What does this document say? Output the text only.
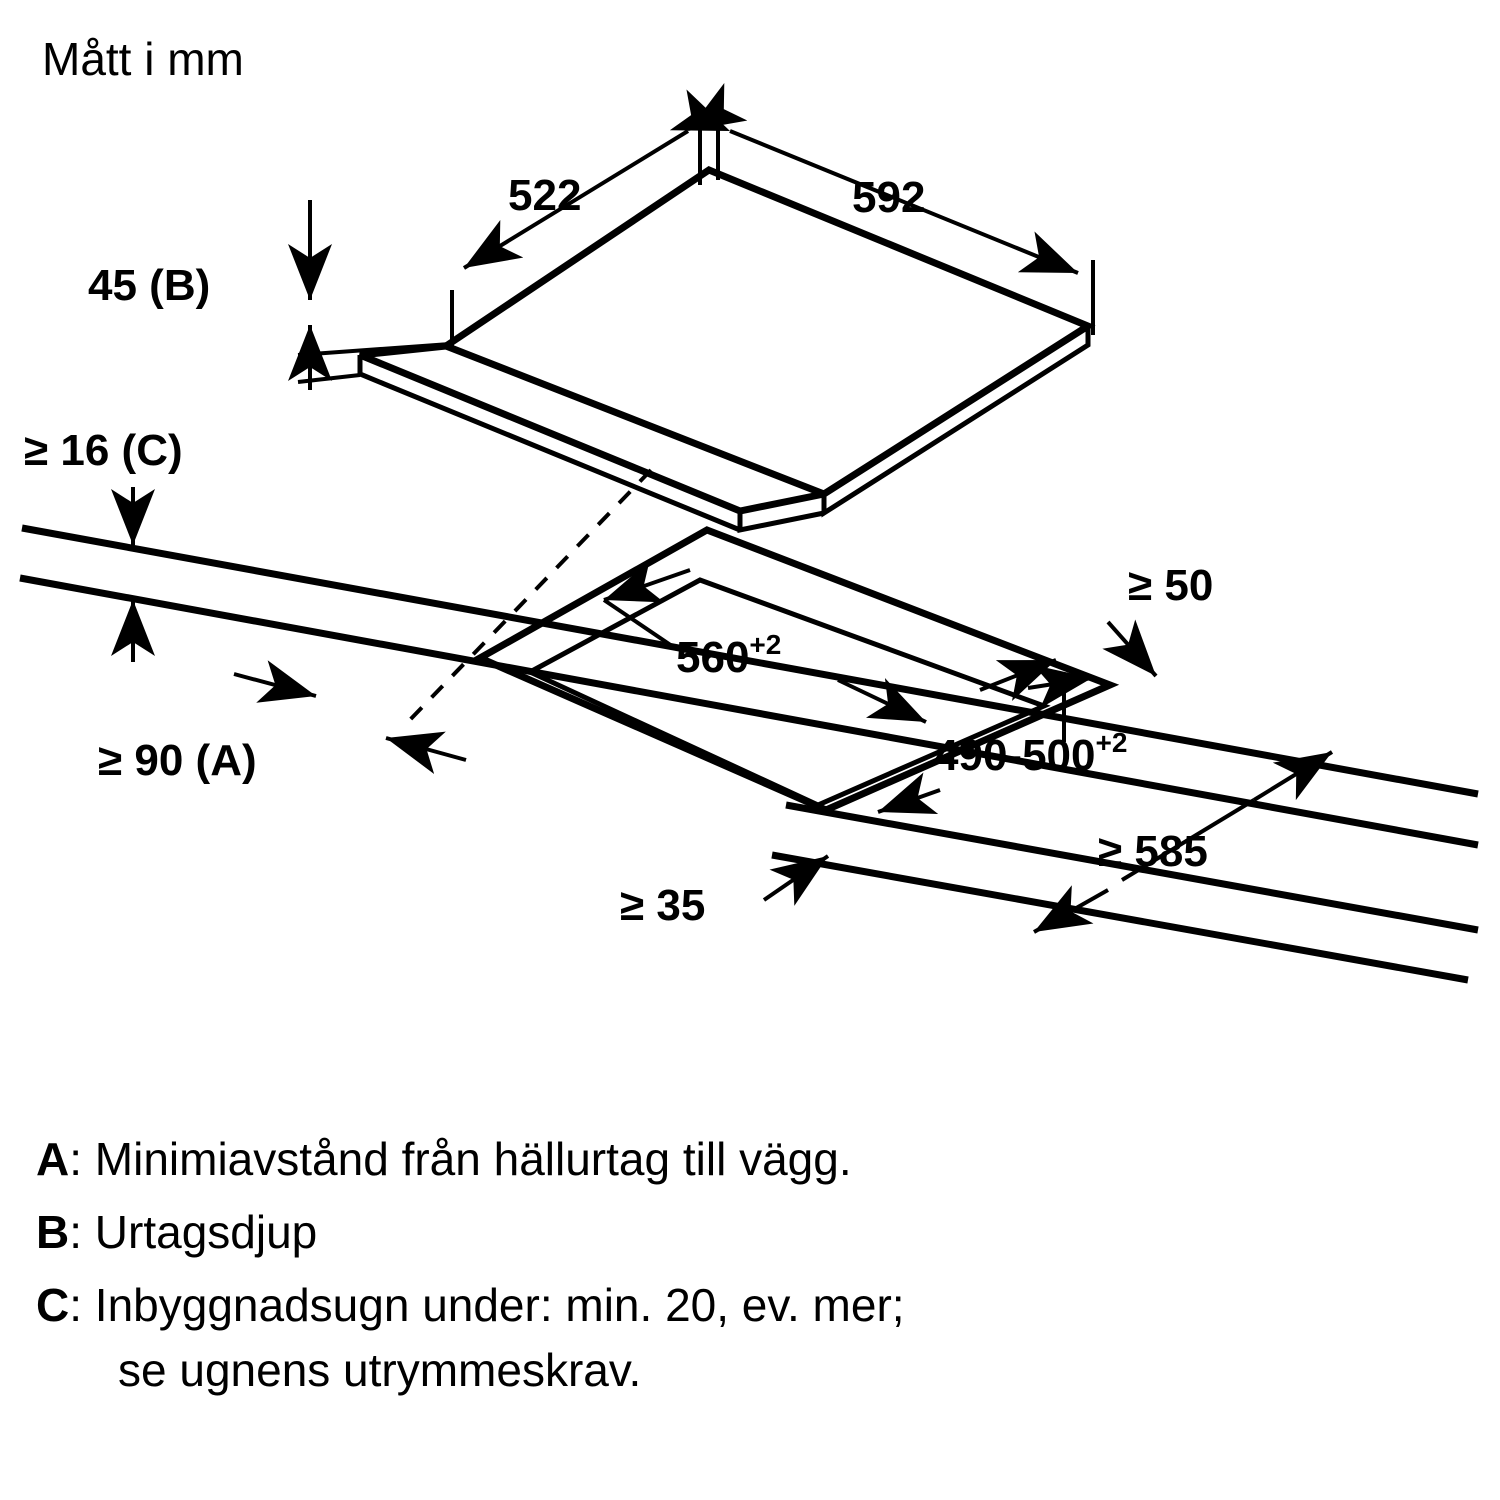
Mått i mm
522	592
45 (B)
≥ 16 (C)
≥ 50
$560^{+2}$
$490-500^{+2}$
≥ 90 (A)
≥ 35
≥ 585
A: Minimiavstånd från hällurtag till vägg.
B: Urtagsdjup
C: Inbyggnadsugn under: min. 20, ev. mer;
se ugnens utrymmeskrav.
